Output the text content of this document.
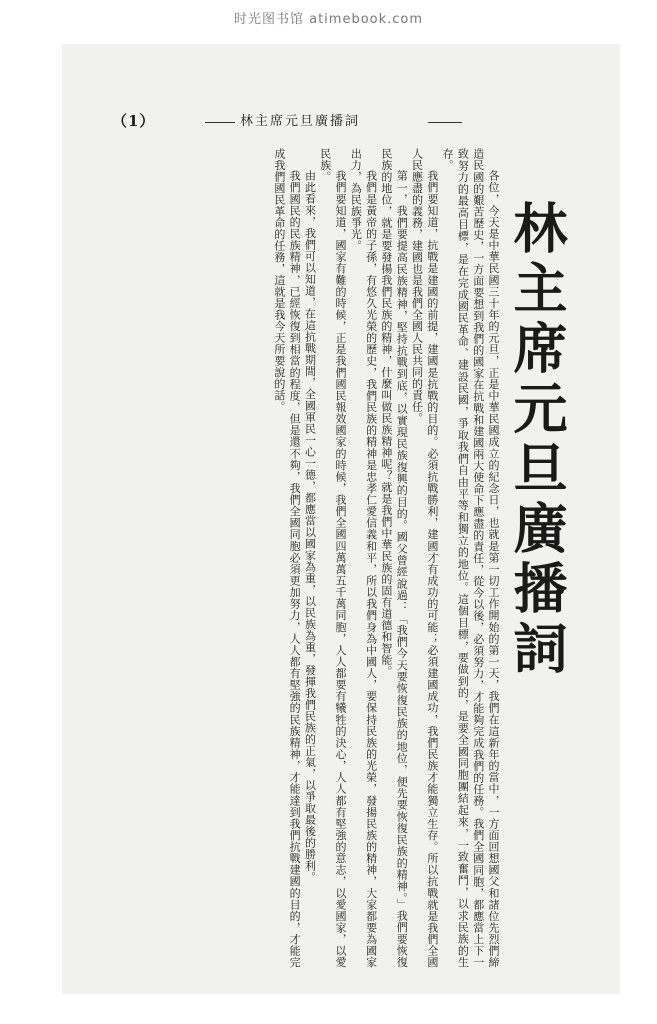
时光图书馆 atimebook.com
（1）	林主席元旦廣播詞
林主席元旦廣播詞

各位，今天是中華民國三十年的元旦，正是中華民國成立的紀念日，也就是第一切工作開始的第一天，我們在這新年的當中，一方面回想國父和諸位先烈們締造民國的艱苦歷史，一方面要想到我們的國家在抗戰和建國兩大使命下應盡的責任，從今以後，必須努力，才能夠完成我們的任務。我們全國同胞，都應當上下一致努力的最高目標，是在完成國民革命、建設民國，爭取我們自由平等和獨立的地位。這個目標，要做到的，是要全國同胞團結起來，一致奮鬥，以求民族的生存。

我們要知道，抗戰是建國的前提，建國是抗戰的目的。必須抗戰勝利，建國才有成功的可能；必須建國成功，我們民族才能獨立生存。所以抗戰就是我們全國人民應盡的義務，建國也是我們全國人民共同的責任。

第一，我們要提高民族精神，堅持抗戰到底，以實現民族復興的目的。國父曾經說過：「我們今天要恢復民族的地位，便先要恢復民族的精神。」我們要恢復民族的地位，就是要發揚我們民族的精神，什麼叫做民族精神呢？就是我們中華民族的固有道德和智能。

我們是黃帝的子孫，有悠久光榮的歷史，我們民族的精神是忠孝仁愛信義和平，所以我們身為中國人，要保持民族的光榮，發揚民族的精神，大家都要為國家出力，為民族爭光。

我們要知道，國家有難的時候，正是我們國民報效國家的時候，我們全國四萬萬五千萬同胞，人人都要有犧牲的決心，人人都有堅強的意志，以愛國家，以愛民族。

由此看來，我們可以知道，在這抗戰期間，全國軍民一心一德，都應當以國家為重，以民族為重，發揮我們民族的正氣，以爭取最後的勝利。

我們國民的民族精神，已經恢復到相當的程度，但是還不夠，我們全國同胞必須更加努力，人人都有堅強的民族精神，才能達到我們抗戰建國的目的，才能完成我們國民革命的任務，這就是我今天所要說的話。
